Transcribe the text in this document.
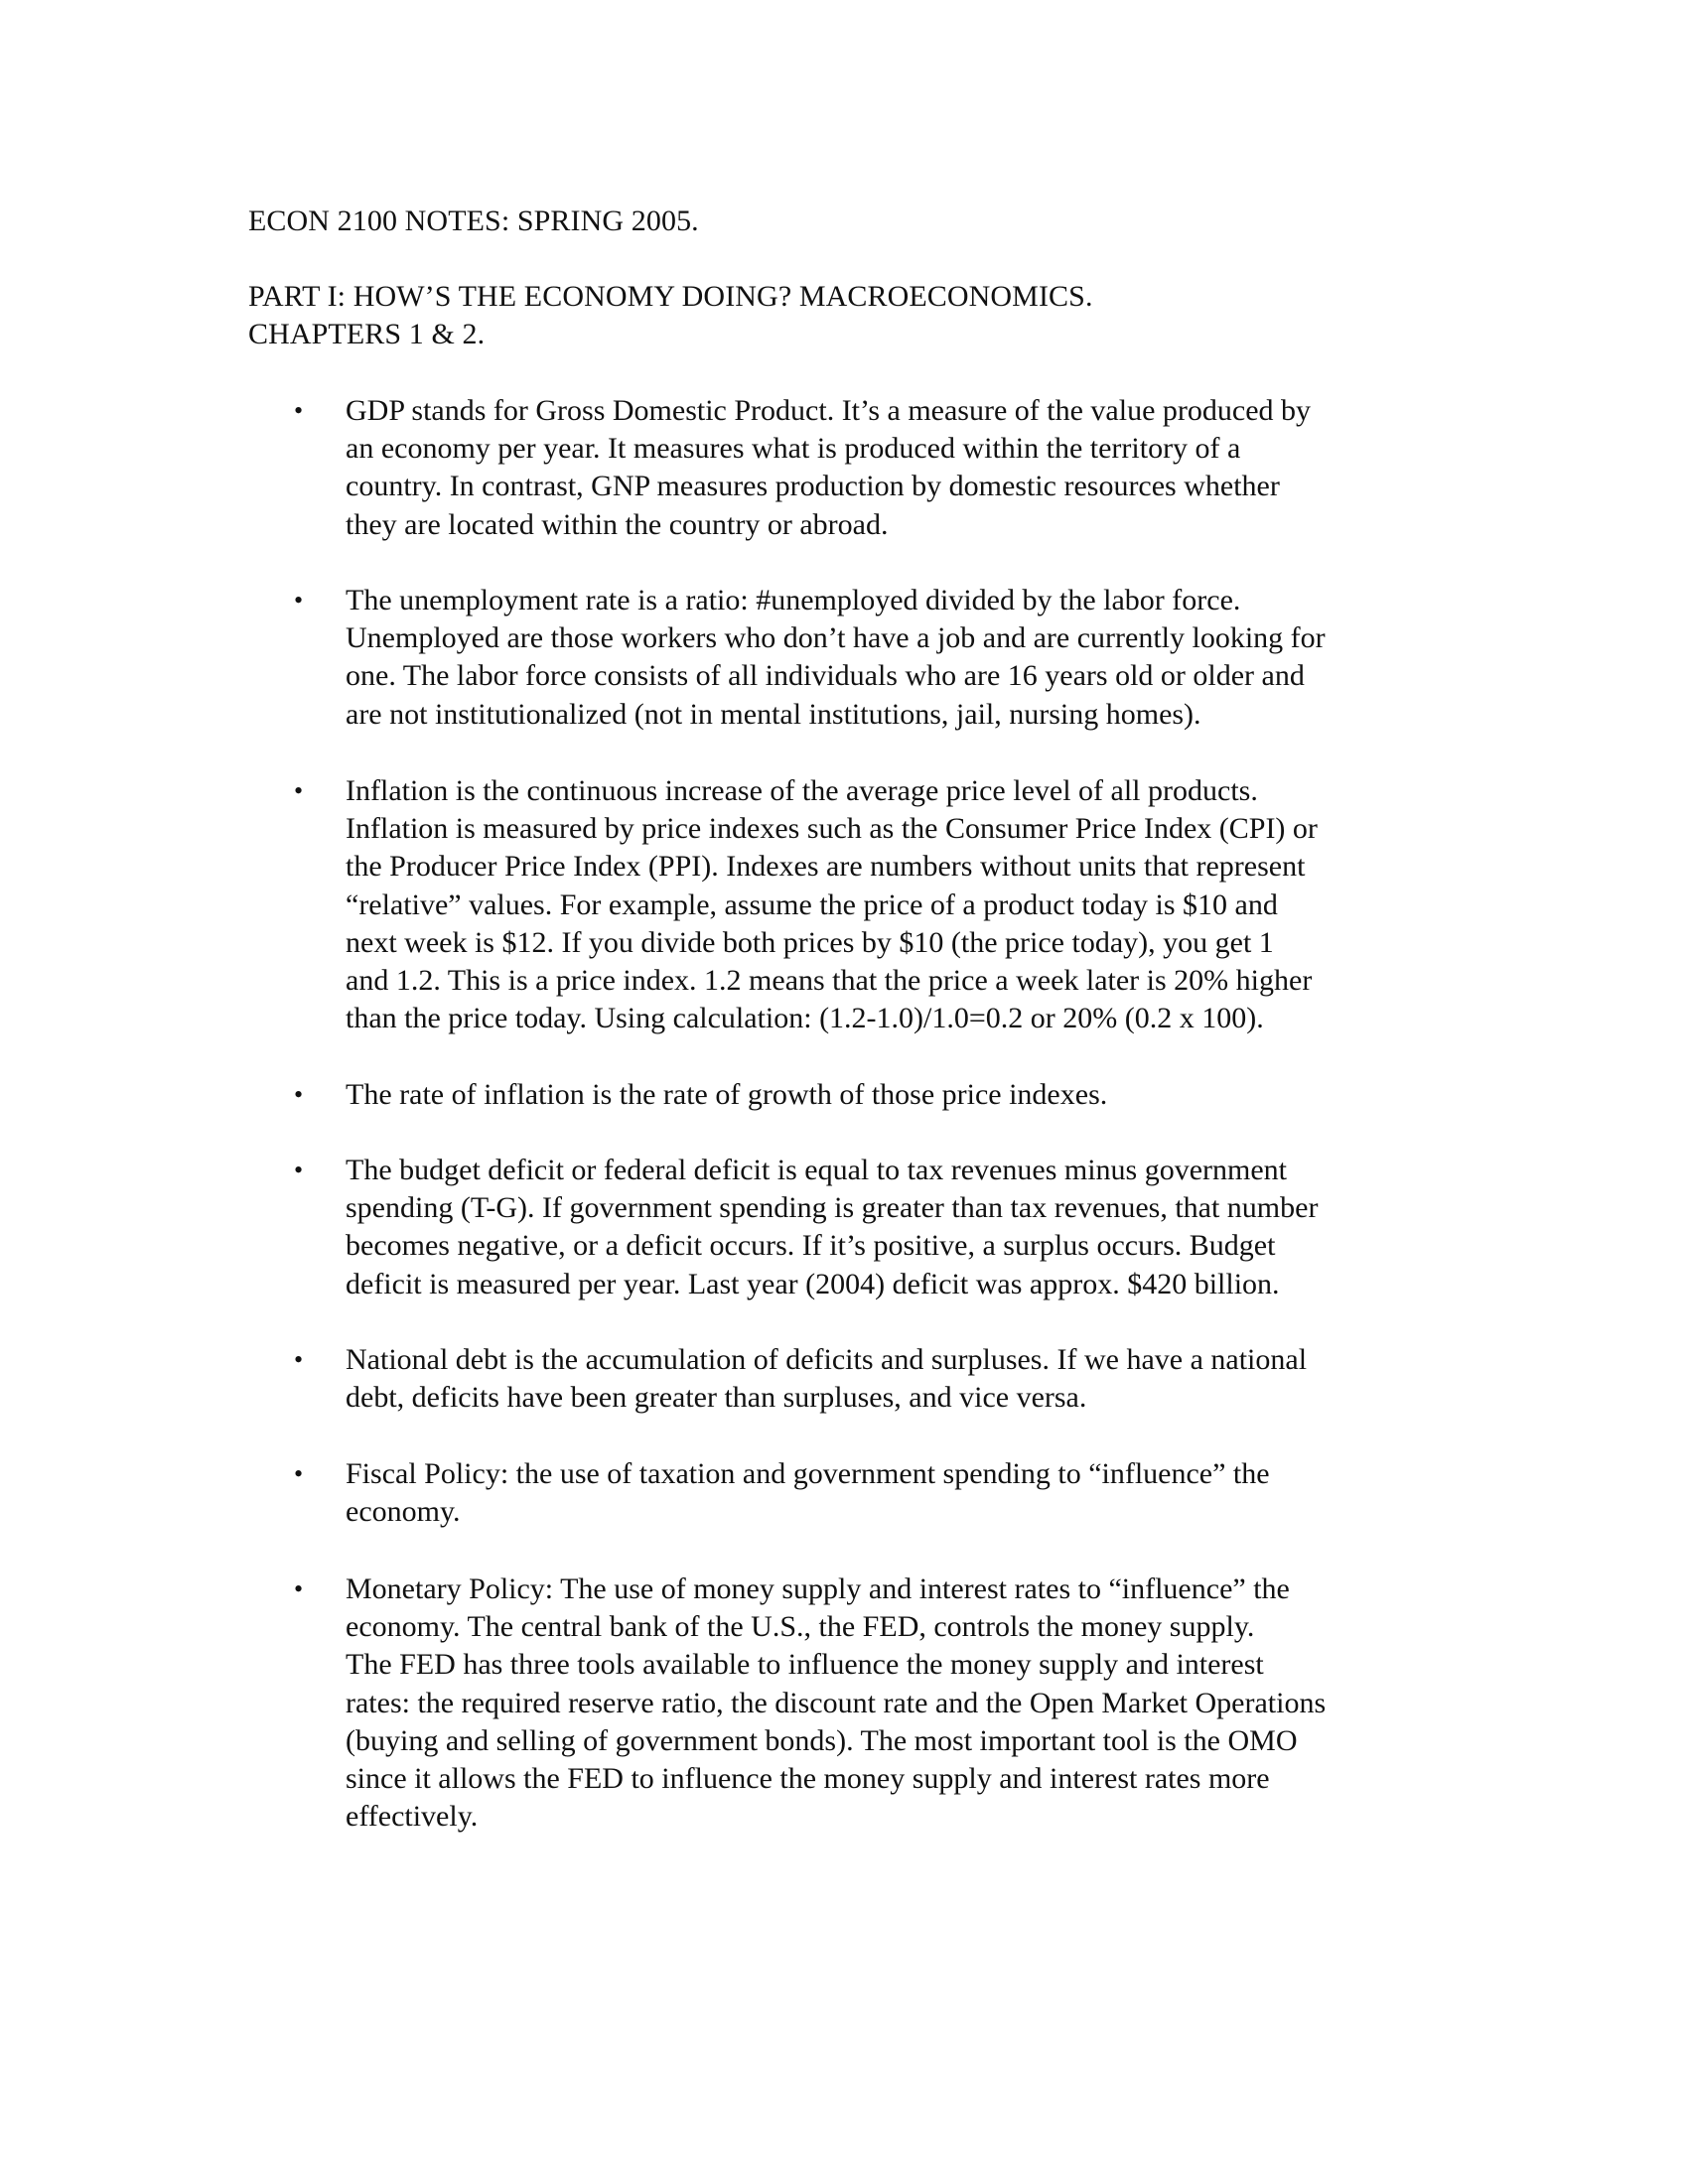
ECON 2100 NOTES: SPRING 2005.
PART I: HOW’S THE ECONOMY DOING? MACROECONOMICS.
CHAPTERS 1 & 2.
• GDP stands for Gross Domestic Product. It’s a measure of the value produced by
an economy per year. It measures what is produced within the territory of a
country. In contrast, GNP measures production by domestic resources whether
they are located within the country or abroad.
• The unemployment rate is a ratio: #unemployed divided by the labor force.
Unemployed are those workers who don’t have a job and are currently looking for
one. The labor force consists of all individuals who are 16 years old or older and
are not institutionalized (not in mental institutions, jail, nursing homes).
• Inflation is the continuous increase of the average price level of all products.
Inflation is measured by price indexes such as the Consumer Price Index (CPI) or
the Producer Price Index (PPI). Indexes are numbers without units that represent
“relative” values. For example, assume the price of a product today is $10 and
next week is $12. If you divide both prices by $10 (the price today), you get 1
and 1.2. This is a price index. 1.2 means that the price a week later is 20% higher
than the price today. Using calculation: (1.2-1.0)/1.0=0.2 or 20% (0.2 x 100).
• The rate of inflation is the rate of growth of those price indexes.
• The budget deficit or federal deficit is equal to tax revenues minus government
spending (T-G). If government spending is greater than tax revenues, that number
becomes negative, or a deficit occurs. If it’s positive, a surplus occurs. Budget
deficit is measured per year. Last year (2004) deficit was approx. $420 billion.
• National debt is the accumulation of deficits and surpluses. If we have a national
debt, deficits have been greater than surpluses, and vice versa.
• Fiscal Policy: the use of taxation and government spending to “influence” the
economy.
• Monetary Policy: The use of money supply and interest rates to “influence” the
economy. The central bank of the U.S., the FED, controls the money supply.
The FED has three tools available to influence the money supply and interest
rates: the required reserve ratio, the discount rate and the Open Market Operations
(buying and selling of government bonds). The most important tool is the OMO
since it allows the FED to influence the money supply and interest rates more
effectively.
